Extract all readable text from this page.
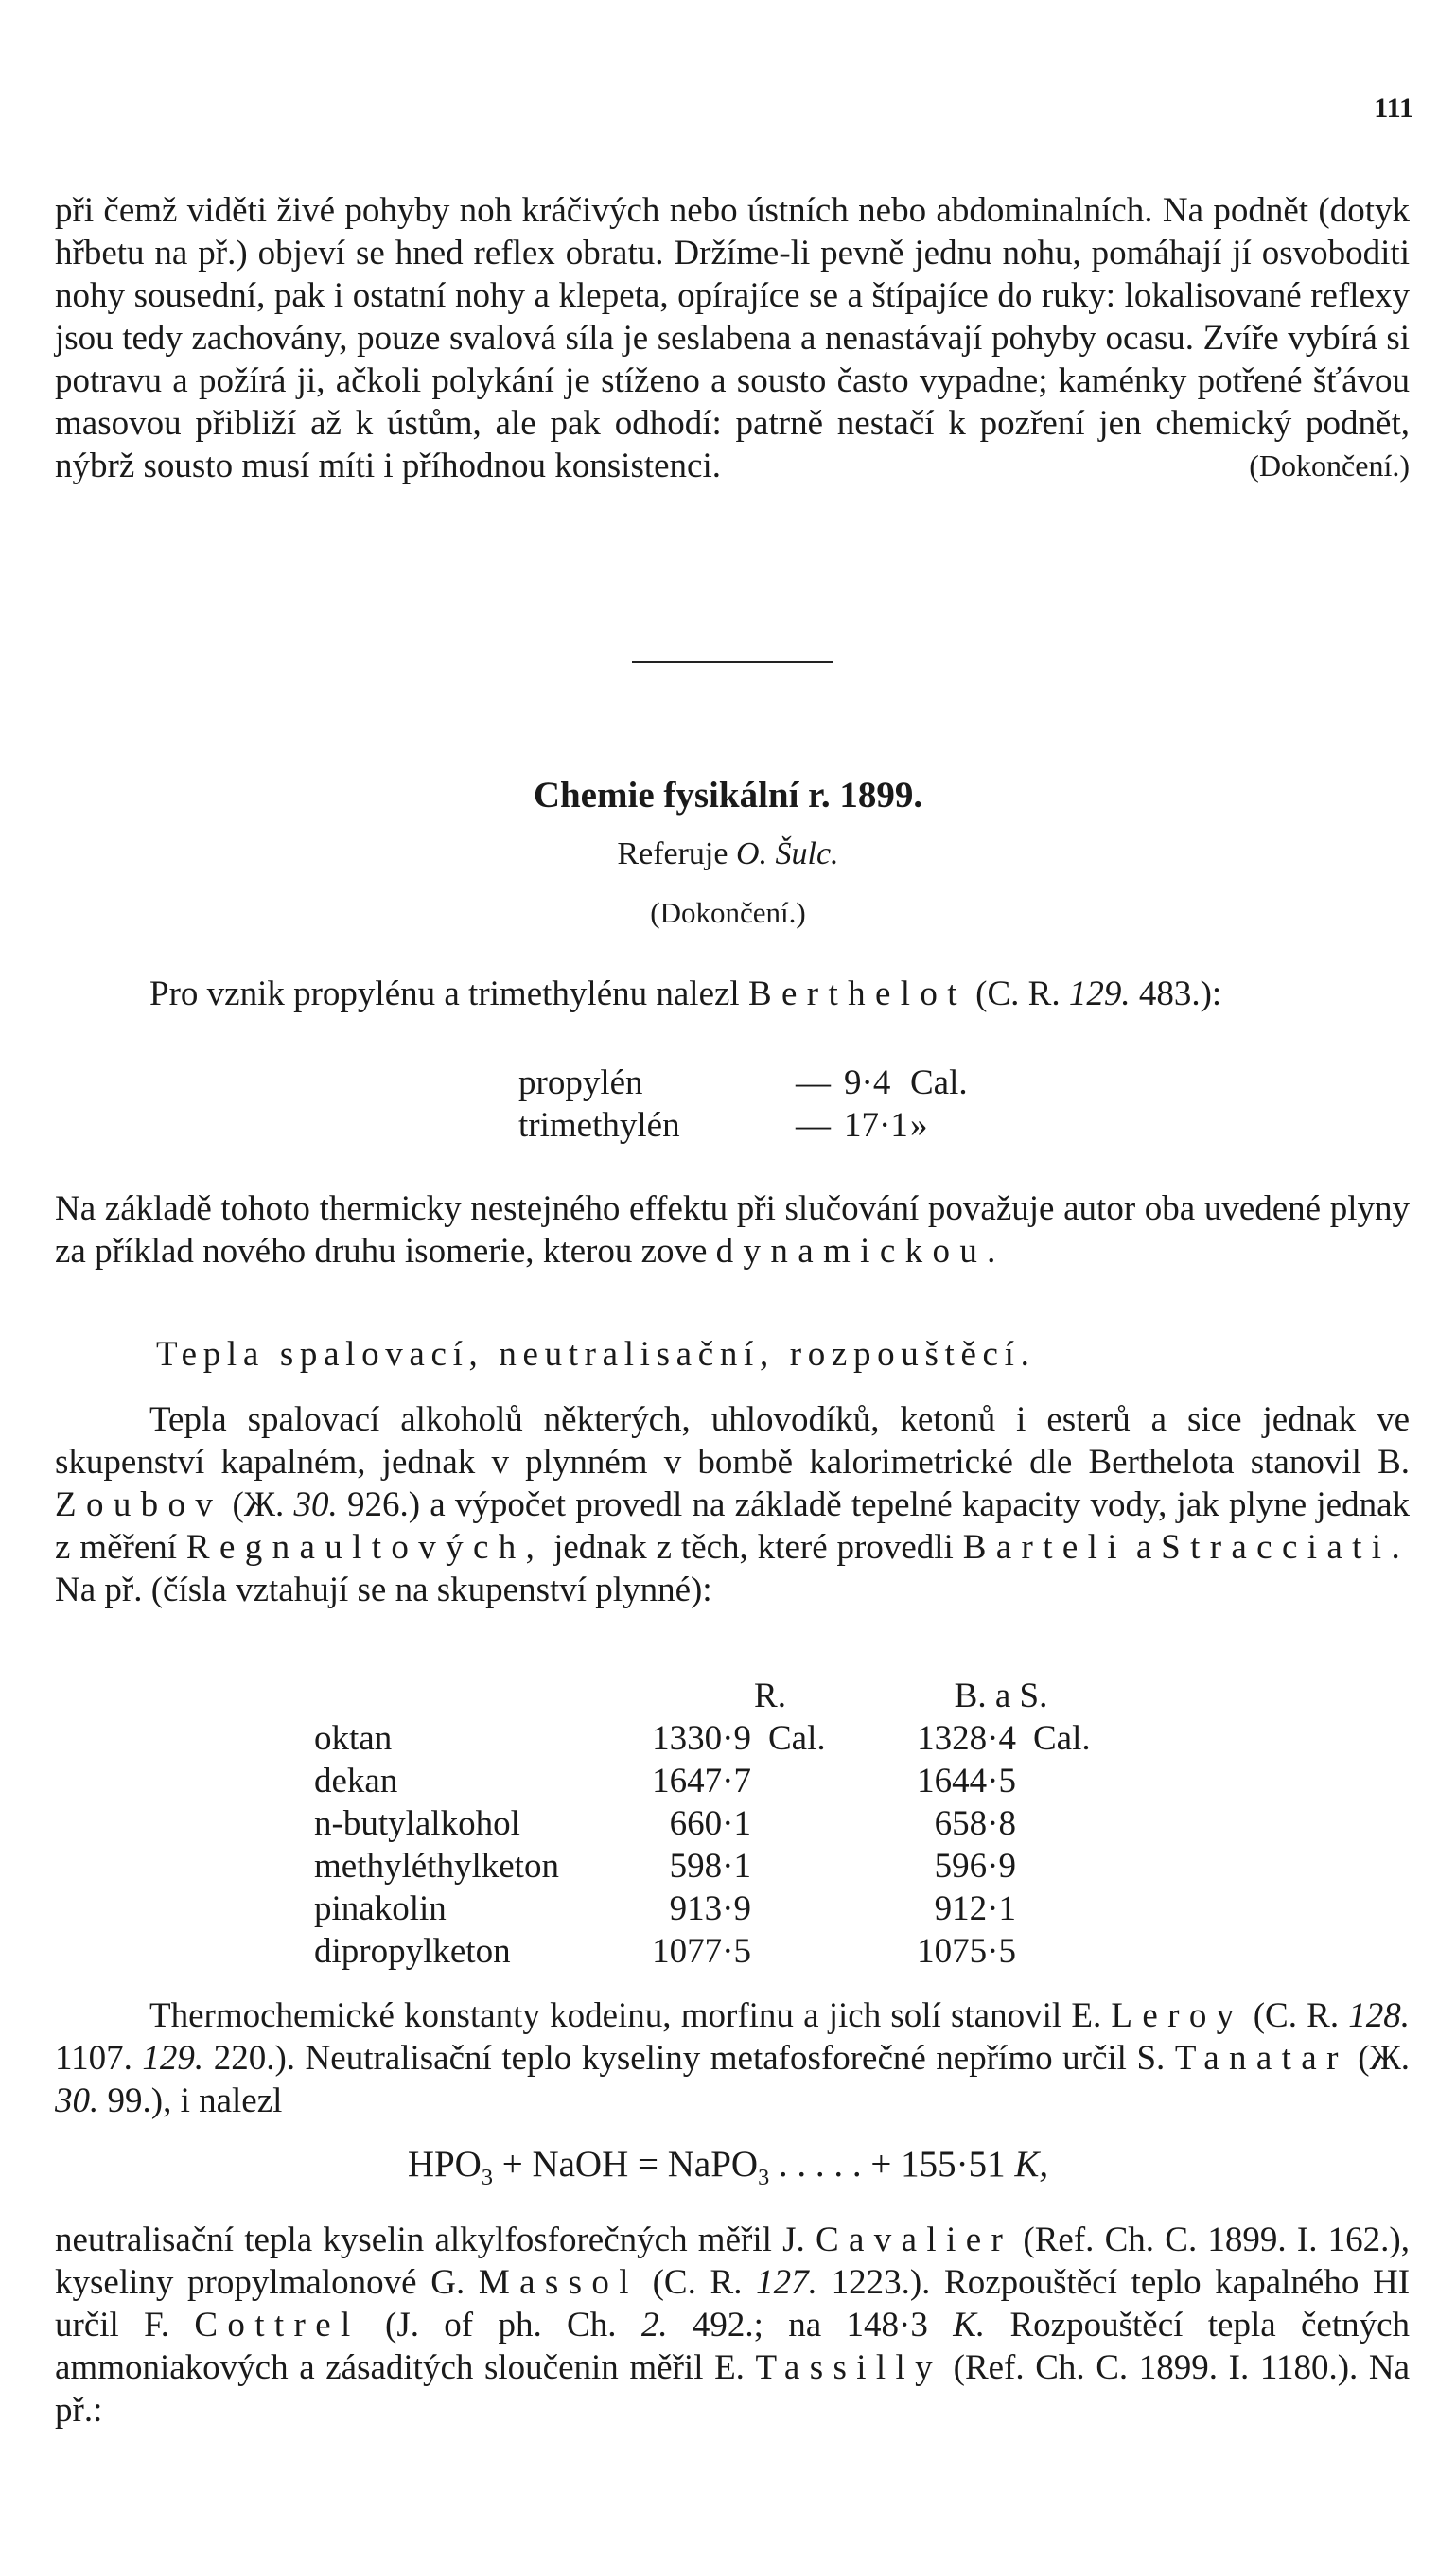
111

při čemž viděti živé pohyby noh kráčivých nebo ústních nebo abdominalních. Na podnět (dotyk hřbetu na př.) objeví se hned reflex obratu. Držíme-li pevně jednu nohu, pomáhají jí osvoboditi nohy sousední, pak i ostatní nohy a klepeta, opírajíce se a štípajíce do ruky: lokalisované reflexy jsou tedy zachovány, pouze svalová síla je seslabena a nenastávají pohyby ocasu. Zvíře vybírá si potravu a požírá ji, ačkoli polykání je stíženo a sousto často vypadne; kaménky potřené šťávou masovou přibliží až k ústům, ale pak odhodí: patrně nestačí k pozření jen chemický podnět, nýbrž sousto musí míti i příhodnou konsistenci.	(Dokončení.)

Chemie fysikální r. 1899.
Referuje O. Šulc.
(Dokončení.)

Pro vznik propylénu a trimethylénu nalezl Berthelot (C. R. 129. 483.):

propylén	—	9·4	Cal.
trimethylén	—	17·1	»

Na základě tohoto thermicky nestejného effektu při slučování považuje autor oba uvedené plyny za příklad nového druhu isomerie, kterou zove dynamickou.

Tepla spalovací, neutralisační, rozpouštěcí.

Tepla spalovací alkoholů některých, uhlovodíků, ketonů i esterů a sice jednak ve skupenství kapalném, jednak v plynném v bombě kalorimetrické dle Berthelota stanovil B. Zoubov (Ж. 30. 926.) a výpočet provedl na základě tepelné kapacity vody, jak plyne jednak z měření Regnaultových, jednak z těch, které provedli Barteli a Stracciati. Na př. (čísla vztahují se na skupenství plynné):

	R.		B. a S.	
oktan	1330·9	Cal.	1328·4	Cal.
dekan	1647·7		1644·5	
n-butylalkohol	660·1		658·8	
methyléthylketon	598·1		596·9	
pinakolin	913·9		912·1	
dipropylketon	1077·5		1075·5	

Thermochemické konstanty kodeinu, morfinu a jich solí stanovil E. Leroy (C. R. 128. 1107. 129. 220.). Neutralisační teplo kyseliny metafosforečné nepřímo určil S. Tanatar (Ж. 30. 99.), i nalezl

$HPO_3$ + NaOH = NaPO$_3$ . . . . . + 155·51 K,

neutralisační tepla kyselin alkylfosforečných měřil J. Cavalier (Ref. Ch. C. 1899. I. 162.), kyseliny propylmalonové G. Massol (C. R. 127. 1223.). Rozpouštěcí teplo kapalného HI určil F. Cottrel (J. of ph. Ch. 2. 492.; na 148·3 K. Rozpouštěcí tepla četných ammoniakových a zásaditých sloučenin měřil E. Tassilly (Ref. Ch. C. 1899. I. 1180.). Na př.:
